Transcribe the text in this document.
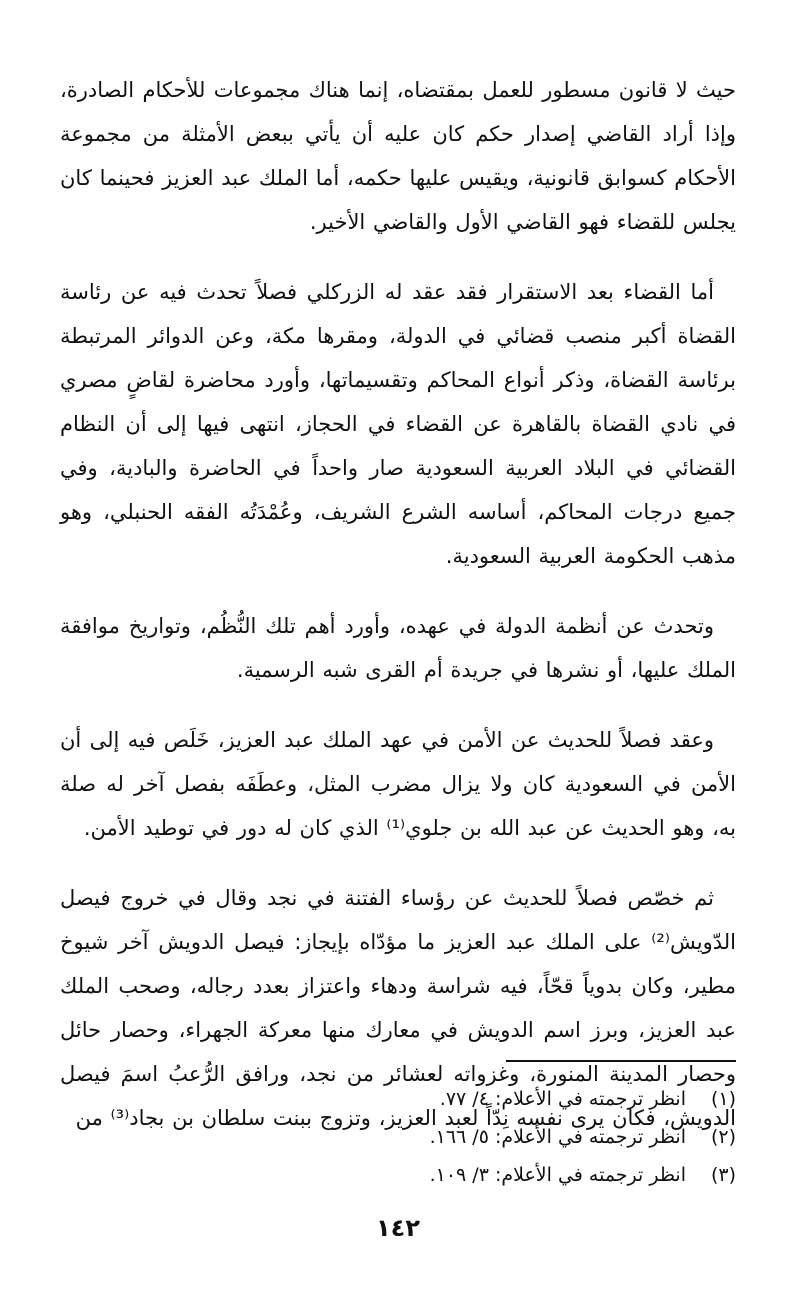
حيث لا قانون مسطور للعمل بمقتضاه، إنما هناك مجموعات للأحكام الصادرة، وإذا أراد القاضي إصدار حكم كان عليه أن يأتي ببعض الأمثلة من مجموعة الأحكام كسوابق قانونية، ويقيس عليها حكمه، أما الملك عبد العزيز فحينما كان يجلس للقضاء فهو القاضي الأول والقاضي الأخير.

أما القضاء بعد الاستقرار فقد عقد له الزركلي فصلاً تحدث فيه عن رئاسة القضاة أكبر منصب قضائي في الدولة، ومقرها مكة، وعن الدوائر المرتبطة برئاسة القضاة، وذكر أنواع المحاكم وتقسيماتها، وأورد محاضرة لقاضٍ مصري في نادي القضاة بالقاهرة عن القضاء في الحجاز، انتهى فيها إلى أن النظام القضائي في البلاد العربية السعودية صار واحداً في الحاضرة والبادية، وفي جميع درجات المحاكم، أساسه الشرع الشريف، وعُمْدَتُه الفقه الحنبلي، وهو مذهب الحكومة العربية السعودية.

وتحدث عن أنظمة الدولة في عهده، وأورد أهم تلك النُّظُم، وتواريخ موافقة الملك عليها، أو نشرها في جريدة أم القرى شبه الرسمية.

وعقد فصلاً للحديث عن الأمن في عهد الملك عبد العزيز، خَلَص فيه إلى أن الأمن في السعودية كان ولا يزال مضرب المثل، وعطَفَه بفصل آخر له صلة به، وهو الحديث عن عبد الله بن جلوي⁽¹⁾ الذي كان له دور في توطيد الأمن.

ثم خصّص فصلاً للحديث عن رؤساء الفتنة في نجد وقال في خروج فيصل الدّويش⁽²⁾ على الملك عبد العزيز ما مؤدّاه بإيجاز: فيصل الدويش آخر شيوخ مطير، وكان بدوياً قحّاً، فيه شراسة ودهاء واعتزاز بعدد رجاله، وصحب الملك عبد العزيز، وبرز اسم الدويش في معارك منها معركة الجهراء، وحصار حائل وحصار المدينة المنورة، وغزواته لعشائر من نجد، ورافق الرُّعبُ اسمَ فيصل الدويش، فكان يرى نفسه نِدّاً لعبد العزيز، وتزوج ببنت سلطان بن بجاد⁽³⁾ من

(١)
انظر ترجمته في الأعلام: ٤/ ٧٧.
(٢)
انظر ترجمته في الأعلام: ٥/ ١٦٦.
(٣)
انظر ترجمته في الأعلام: ٣/ ١٠٩.
١٤٢
